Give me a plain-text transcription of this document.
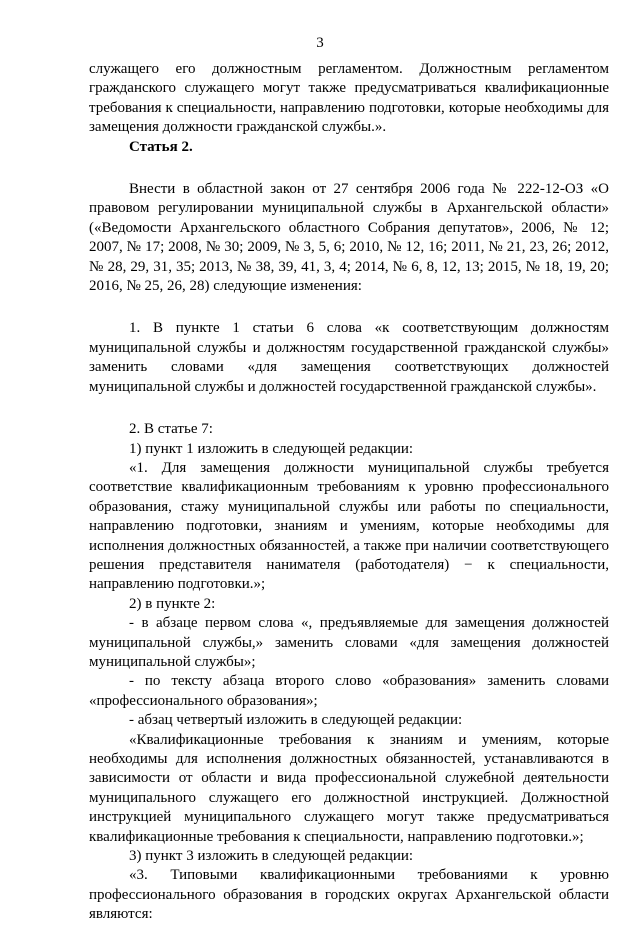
3

служащего его должностным регламентом. Должностным регламентом гражданского служащего могут также предусматриваться квалификационные требования к специальности, направлению подготовки, которые необходимы для замещения должности гражданской службы.».

Статья 2.

Внести в областной закон от 27 сентября 2006 года № 222-12-ОЗ «О правовом регулировании муниципальной службы в Архангельской области» («Ведомости Архангельского областного Собрания депутатов», 2006, № 12; 2007, № 17; 2008, № 30; 2009, № 3, 5, 6; 2010, № 12, 16; 2011, № 21, 23, 26; 2012, № 28, 29, 31, 35; 2013, № 38, 39, 41, 3, 4; 2014, № 6, 8, 12, 13; 2015, № 18, 19, 20; 2016, № 25, 26, 28) следующие изменения:

1. В пункте 1 статьи 6 слова «к соответствующим должностям муниципальной службы и должностям государственной гражданской службы» заменить словами «для замещения соответствующих должностей муниципальной службы и должностей государственной гражданской службы».

2. В статье 7:

1) пункт 1 изложить в следующей редакции:

«1. Для замещения должности муниципальной службы требуется соответствие квалификационным требованиям к уровню профессионального образования, стажу муниципальной службы или работы по специальности, направлению подготовки, знаниям и умениям, которые необходимы для исполнения должностных обязанностей, а также при наличии соответствующего решения представителя нанимателя (работодателя) − к специальности, направлению подготовки.»;

2) в пункте 2:

- в абзаце первом слова «, предъявляемые для замещения должностей муниципальной службы,» заменить словами «для замещения должностей муниципальной службы»;

- по тексту абзаца второго слово «образования» заменить словами «профессионального образования»;

- абзац четвертый изложить в следующей редакции:

«Квалификационные требования к знаниям и умениям, которые необходимы для исполнения должностных обязанностей, устанавливаются в зависимости от области и вида профессиональной служебной деятельности муниципального служащего его должностной инструкцией. Должностной инструкцией муниципального служащего могут также предусматриваться квалификационные требования к специальности, направлению подготовки.»;

3) пункт 3 изложить в следующей редакции:

«3. Типовыми квалификационными требованиями к уровню профессионального образования в городских округах Архангельской области являются:
